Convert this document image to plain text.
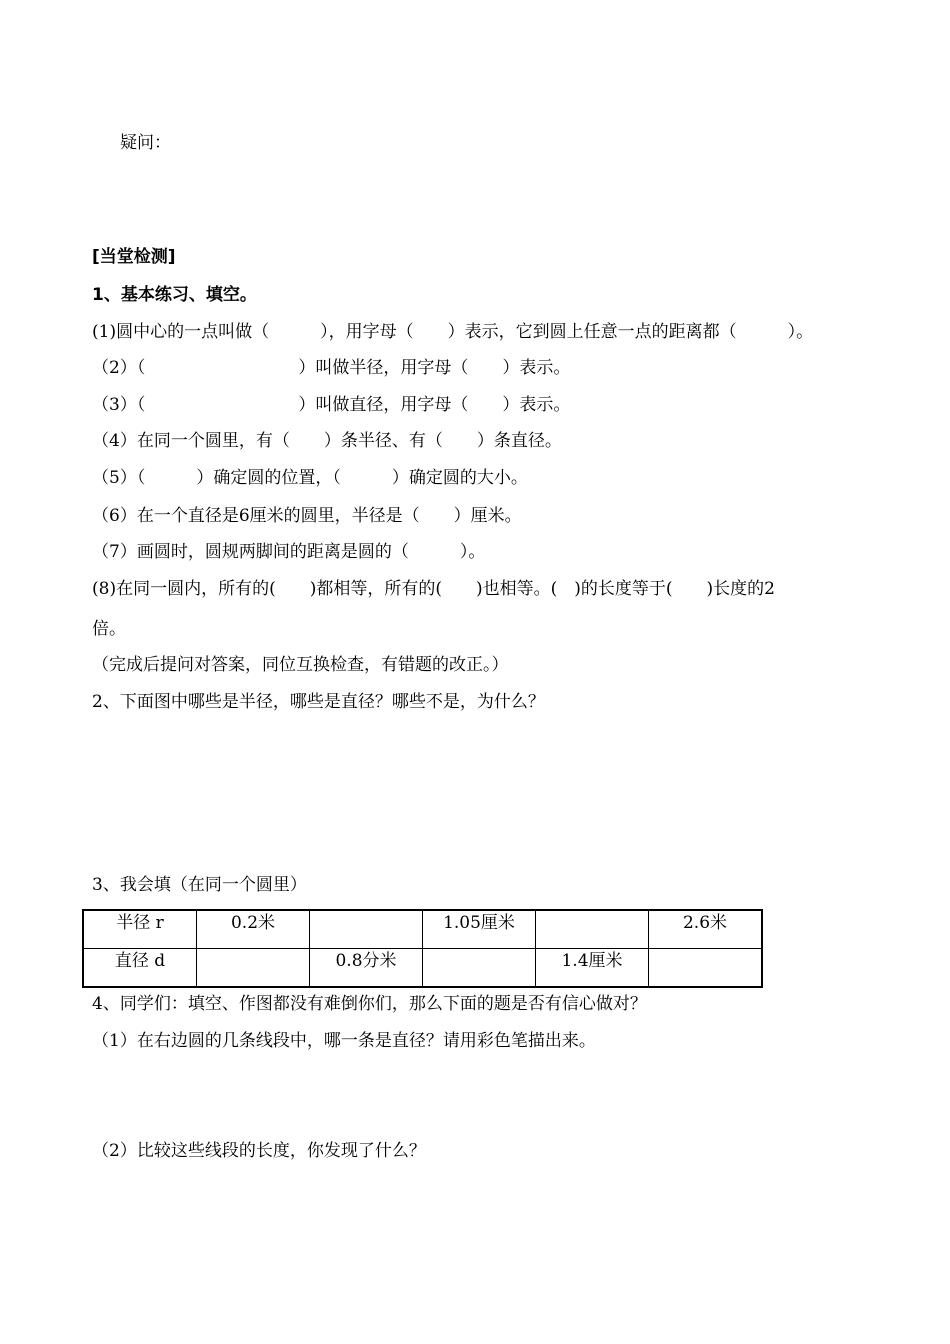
疑问：
[当堂检测]
1、基本练习、填空。
(1)圆中心的一点叫做（　　　），用字母（　　）表示，它到圆上任意一点的距离都（　　　）。
（2）（　　　　　　　　　）叫做半径，用字母（　　）表示。
（3）（　　　　　　　　　）叫做直径，用字母（　　）表示。
（4）在同一个圆里，有（　　）条半径、有（　　）条直径。
（5）（　　　）确定圆的位置，（　　　）确定圆的大小。
（6）在一个直径是6厘米的圆里，半径是（　　）厘米。
（7）画圆时，圆规两脚间的距离是圆的（　　　）。
(8)在同一圆内，所有的(　　)都相等，所有的(　　)也相等。(　)的长度等于(　　)长度的2
倍。
（完成后提问对答案，同位互换检查，有错题的改正。）
2、下面图中哪些是半径，哪些是直径？哪些不是，为什么？
3、我会填（在同一个圆里）
半径 r	0.2米		1.05厘米		2.6米
直径 d		0.8分米		1.4厘米	
4、同学们：填空、作图都没有难倒你们，那么下面的题是否有信心做对？
（1）在右边圆的几条线段中，哪一条是直径？请用彩色笔描出来。
（2）比较这些线段的长度，你发现了什么？
